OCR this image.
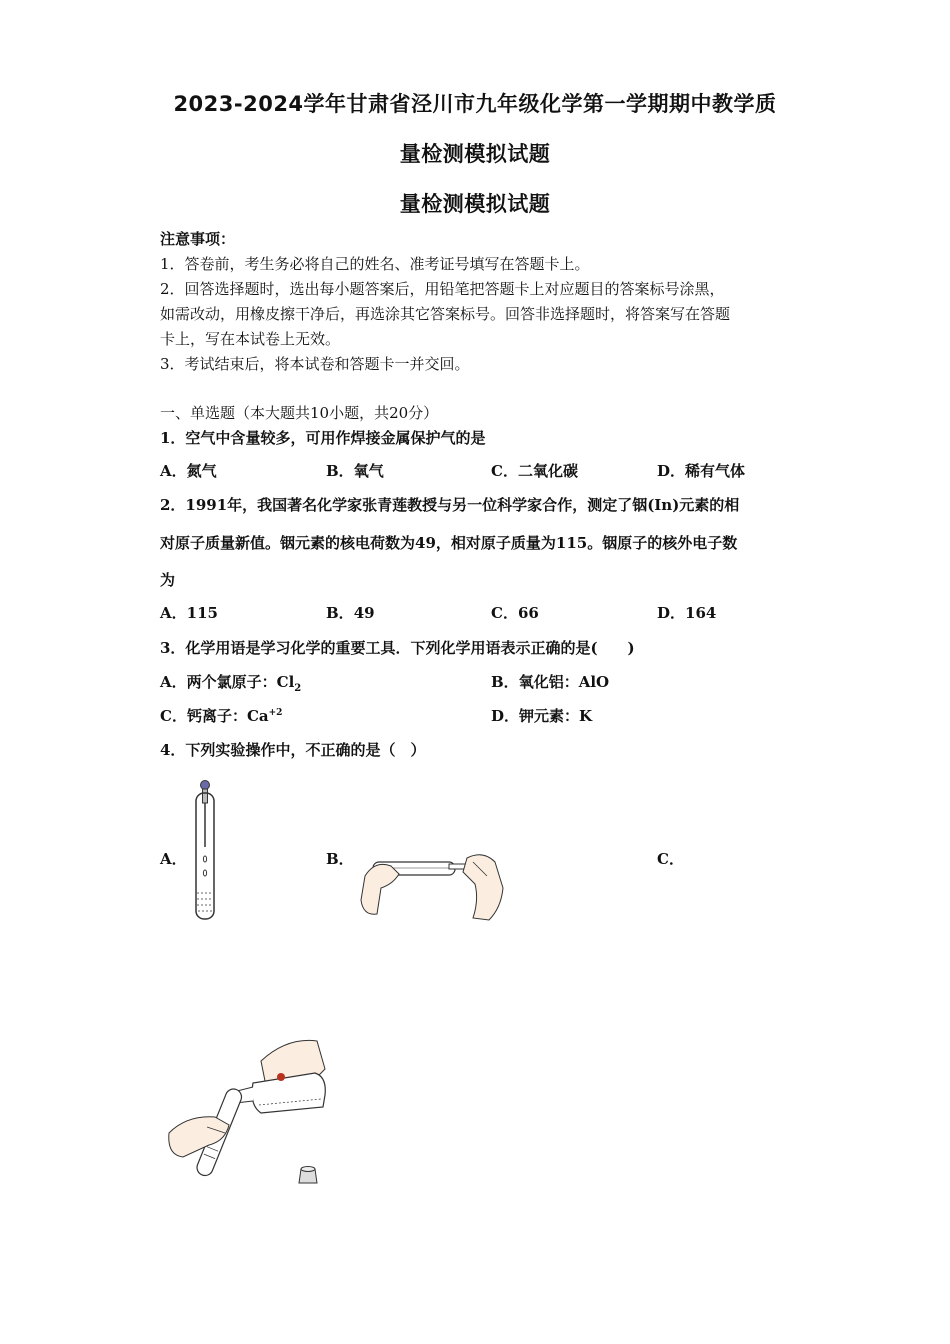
2023-2024学年甘肃省泾川市九年级化学第一学期期中教学质
量检测模拟试题
量检测模拟试题
注意事项：
1．答卷前，考生务必将自己的姓名、准考证号填写在答题卡上。
2．回答选择题时，选出每小题答案后，用铅笔把答题卡上对应题目的答案标号涂黑，
如需改动，用橡皮擦干净后，再选涂其它答案标号。回答非选择题时，将答案写在答题
卡上，写在本试卷上无效。
3．考试结束后，将本试卷和答题卡一并交回。
一、单选题（本大题共10小题，共20分）
1．空气中含量较多，可用作焊接金属保护气的是
A．氮气	B．氧气	C．二氧化碳	D．稀有气体
2．1991年，我国著名化学家张青莲教授与另一位科学家合作，测定了铟(In)元素的相
对原子质量新值。铟元素的核电荷数为49，相对原子质量为115。铟原子的核外电子数
为
A．115	B．49	C．66	D．164
3．化学用语是学习化学的重要工具．下列化学用语表示正确的是(　　)
A．两个氯原子：$Cl_2$	B．氧化铝：AlO
C．钙离子：$Ca^{+2}$	D．钾元素：K
4．下列实验操作中，不正确的是（　）
A．	B．	C．
